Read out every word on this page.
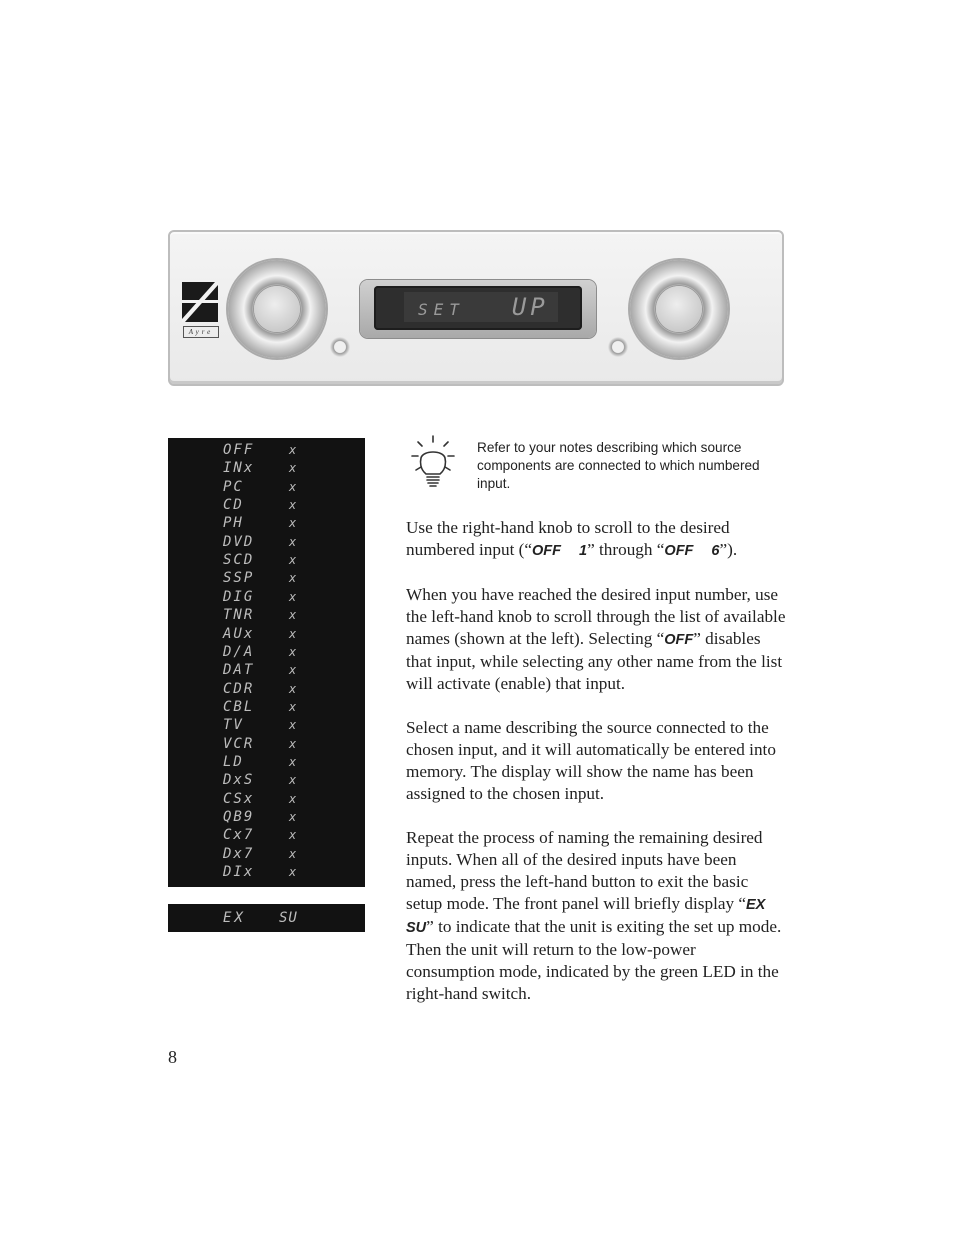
Ayre
SET UP
OFF	x
INx	x
PC	x
CD	x
PH	x
DVD	x
SCD	x
SSP	x
DIG	x
TNR	x
AUx	x
D/A	x
DAT	x
CDR	x
CBL	x
TV	x
VCR	x
LD	x
DxS	x
CSx	x
QB9	x
Cx7	x
Dx7	x
DIx	x
EX SU
Refer to your notes describing which source components are connected to which numbered input.

Use the right-hand knob to scroll to the desired numbered input (“OFF 1” through “OFF 6”).

When you have reached the desired input number, use the left-hand knob to scroll through the list of available names (shown at the left). Selecting “OFF” disables that input, while selecting any other name from the list will activate (enable) that input.

Select a name describing the source connected to the chosen input, and it will automatically be entered into memory. The display will show the name has been assigned to the chosen input.

Repeat the process of naming the remaining desired inputs. When all of the desired inputs have been named, press the left-hand button to exit the basic setup mode. The front panel will briefly display “EXSU” to indicate that the unit is exiting the set up mode. Then the unit will return to the low-power consumption mode, indicated by the green LED in the right-hand switch.

8
